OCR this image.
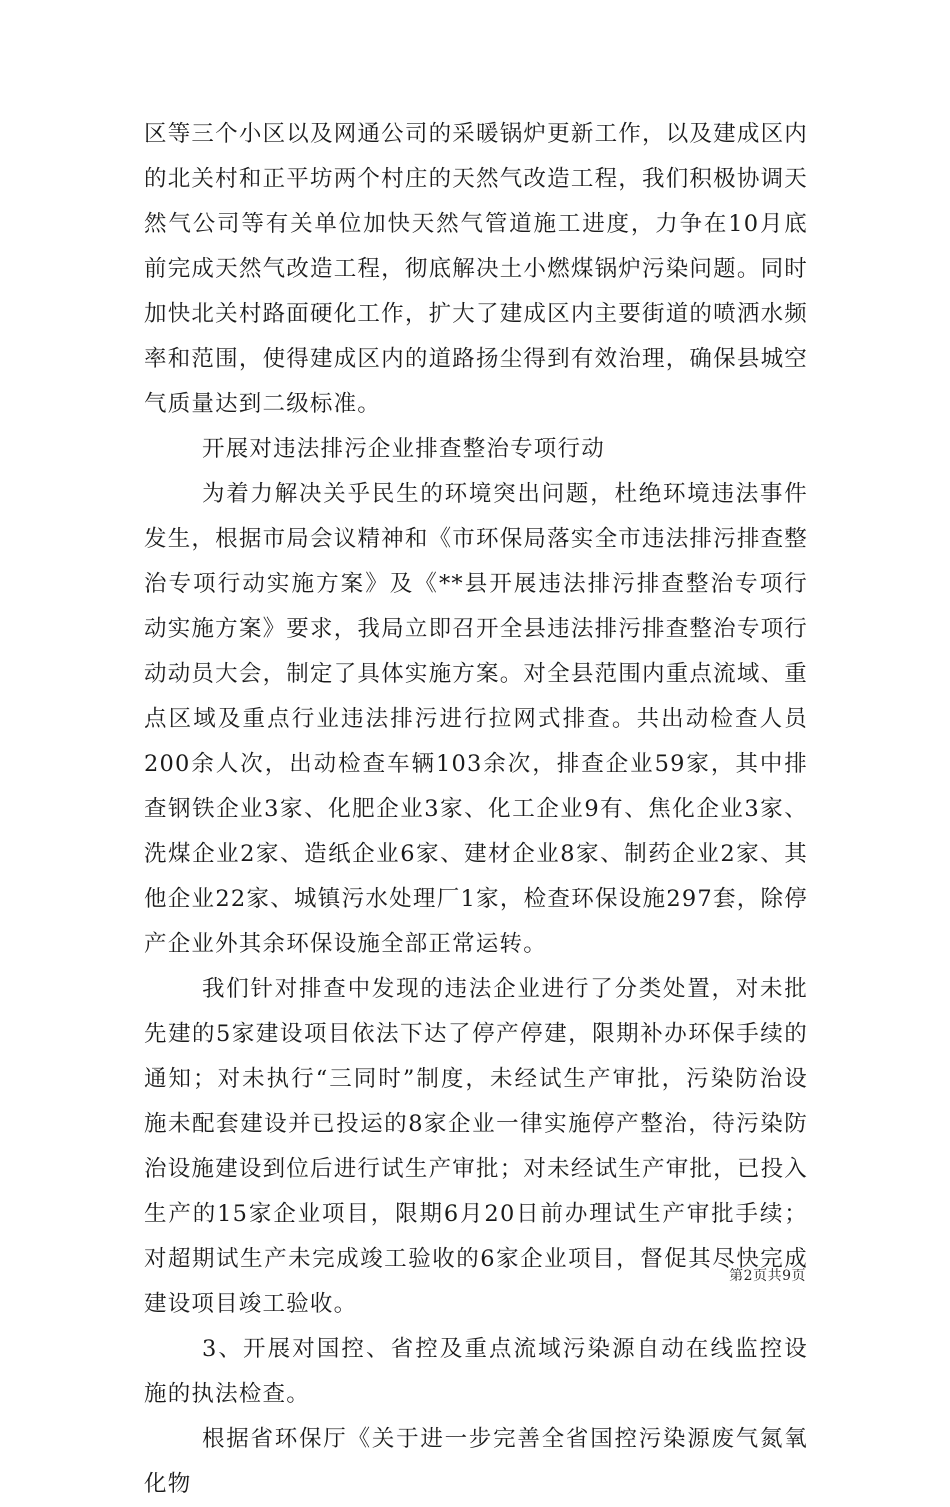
区等三个小区以及网通公司的采暖锅炉更新工作，以及建成区内的北关村和正平坊两个村庄的天然气改造工程，我们积极协调天然气公司等有关单位加快天然气管道施工进度，力争在10月底前完成天然气改造工程，彻底解决土小燃煤锅炉污染问题。同时加快北关村路面硬化工作，扩大了建成区内主要街道的喷洒水频率和范围，使得建成区内的道路扬尘得到有效治理，确保县城空气质量达到二级标准。

开展对违法排污企业排查整治专项行动

为着力解决关乎民生的环境突出问题，杜绝环境违法事件发生，根据市局会议精神和《市环保局落实全市违法排污排查整治专项行动实施方案》及《**县开展违法排污排查整治专项行动实施方案》要求，我局立即召开全县违法排污排查整治专项行动动员大会，制定了具体实施方案。对全县范围内重点流域、重点区域及重点行业违法排污进行拉网式排查。共出动检查人员200余人次，出动检查车辆103余次，排查企业59家，其中排查钢铁企业3家、化肥企业3家、化工企业9有、焦化企业3家、洗煤企业2家、造纸企业6家、建材企业8家、制药企业2家、其他企业22家、城镇污水处理厂1家，检查环保设施297套，除停产企业外其余环保设施全部正常运转。

我们针对排查中发现的违法企业进行了分类处置，对未批先建的5家建设项目依法下达了停产停建，限期补办环保手续的通知；对未执行“三同时”制度，未经试生产审批，污染防治设施未配套建设并已投运的8家企业一律实施停产整治，待污染防治设施建设到位后进行试生产审批；对未经试生产审批，已投入生产的15家企业项目，限期6月20日前办理试生产审批手续；对超期试生产未完成竣工验收的6家企业项目，督促其尽快完成建设项目竣工验收。

3、开展对国控、省控及重点流域污染源自动在线监控设施的执法检查。

根据省环保厅《关于进一步完善全省国控污染源废气氮氧化物

第2页共9页
